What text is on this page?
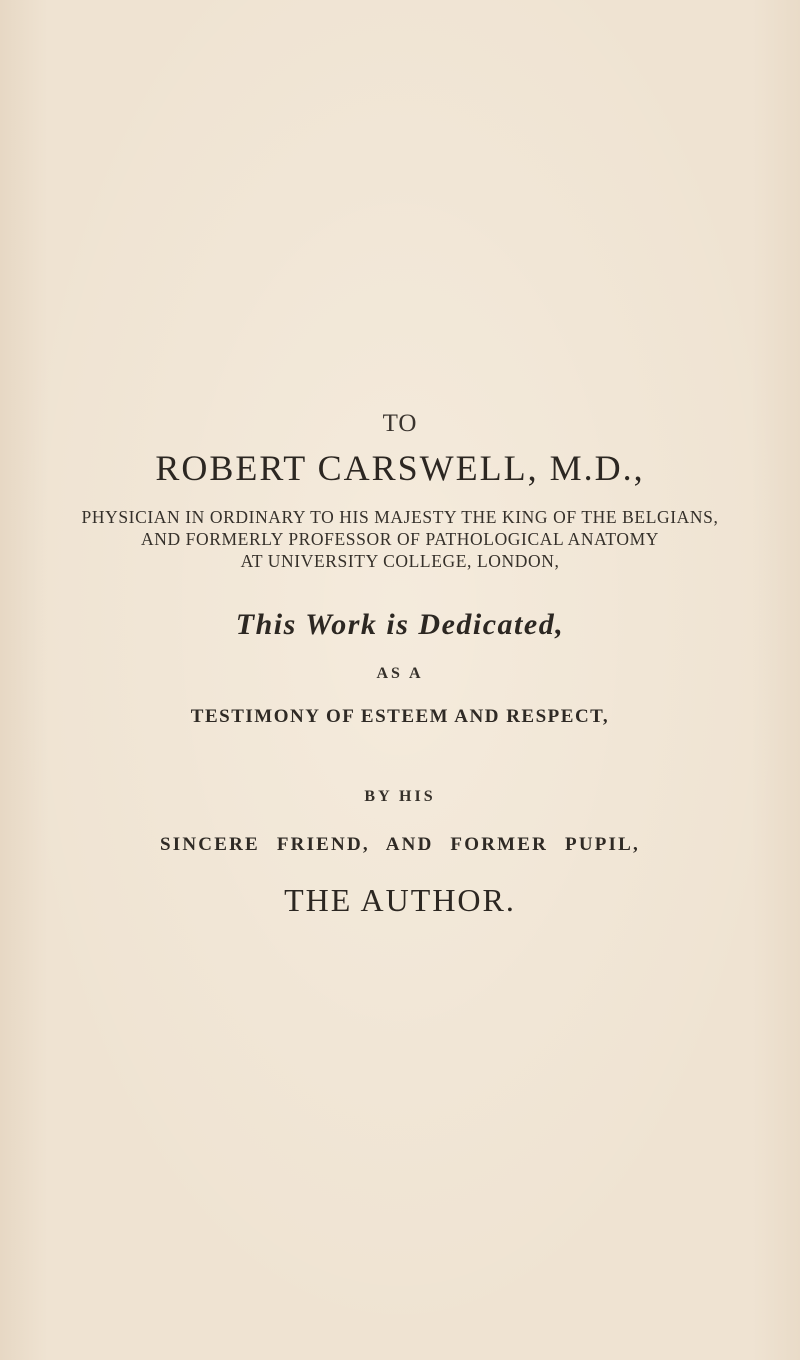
TO

ROBERT CARSWELL, M.D.,

PHYSICIAN IN ORDINARY TO HIS MAJESTY THE KING OF THE BELGIANS,

AND FORMERLY PROFESSOR OF PATHOLOGICAL ANATOMY

AT UNIVERSITY COLLEGE, LONDON,

This Work is Dedicated,

AS A

TESTIMONY OF ESTEEM AND RESPECT,

BY HIS

SINCERE FRIEND, AND FORMER PUPIL,

THE AUTHOR.
